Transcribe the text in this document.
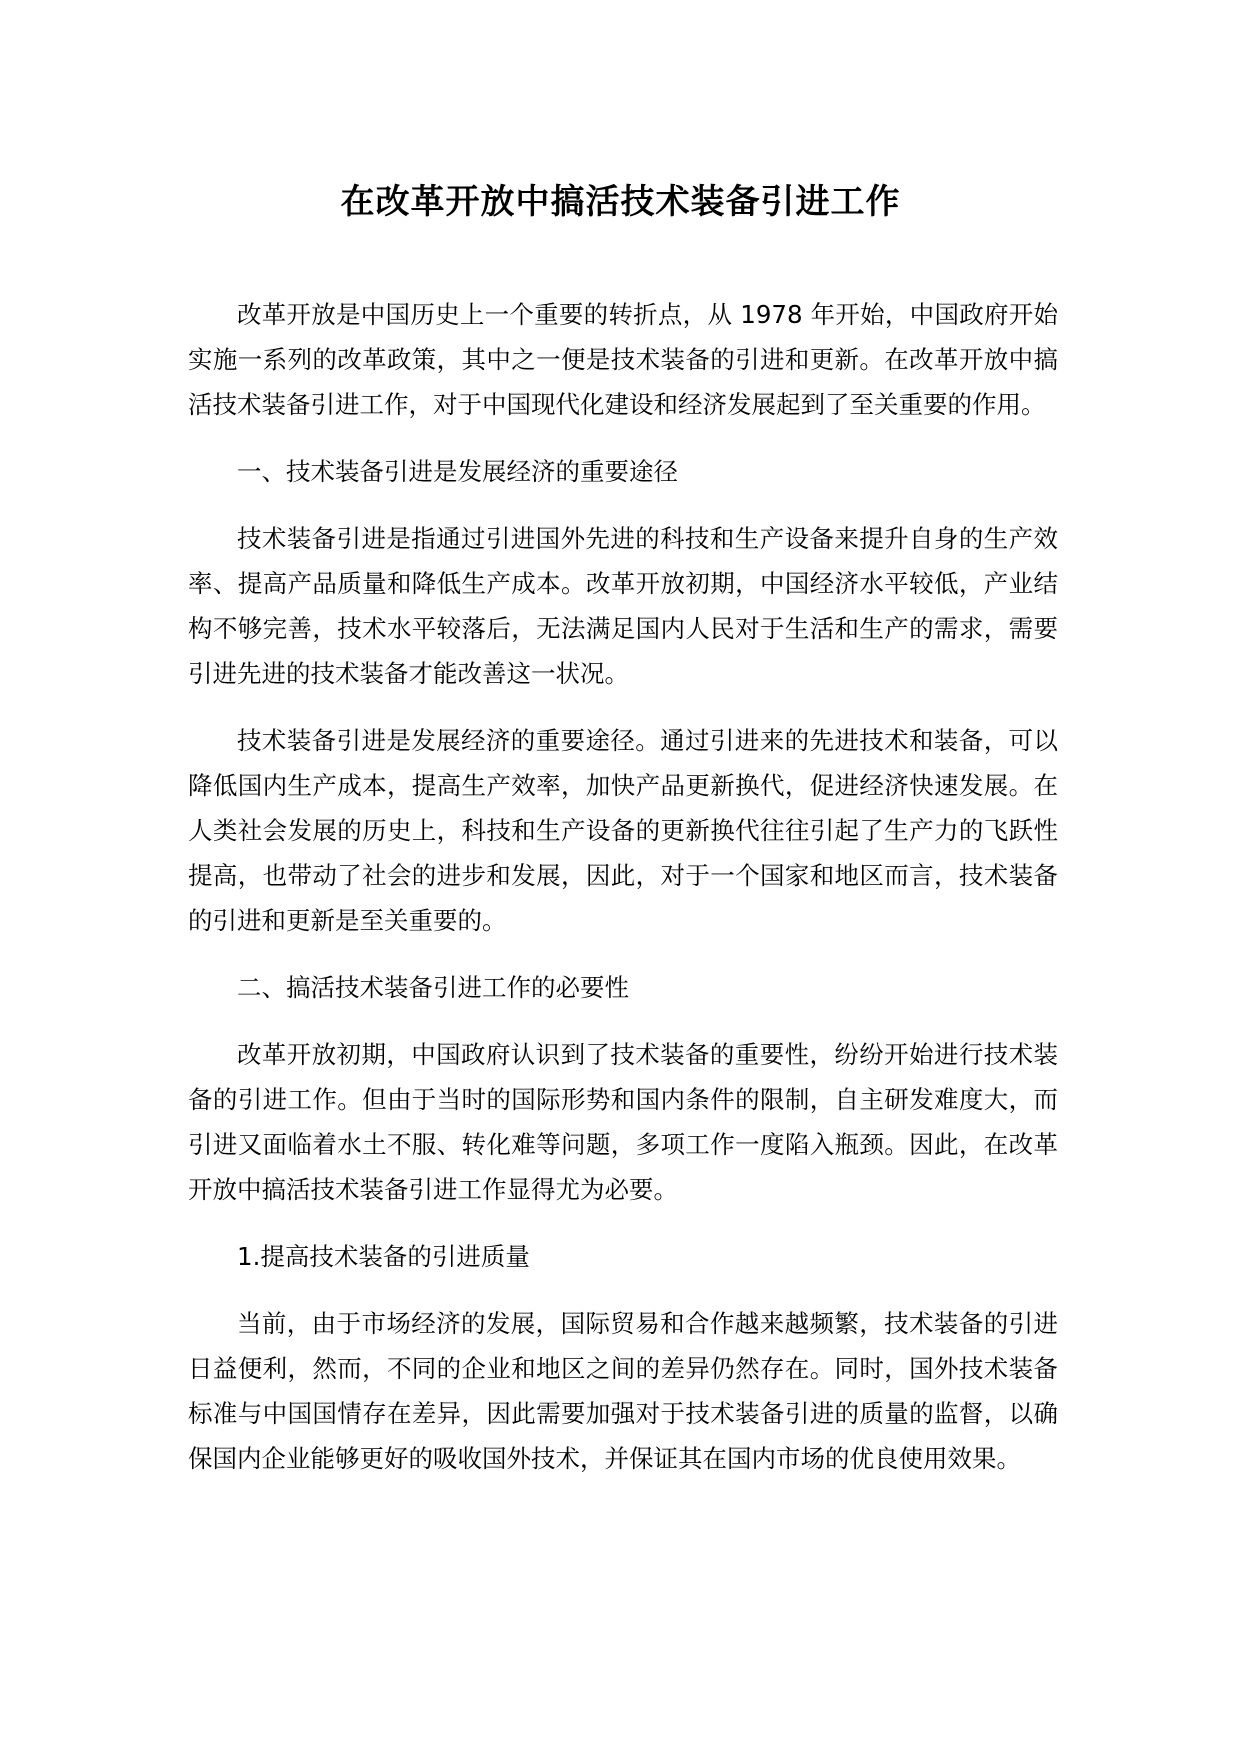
在改革开放中搞活技术装备引进工作

改革开放是中国历史上一个重要的转折点，从 1978 年开始，中国政府开始实施一系列的改革政策，其中之一便是技术装备的引进和更新。在改革开放中搞活技术装备引进工作，对于中国现代化建设和经济发展起到了至关重要的作用。

一、技术装备引进是发展经济的重要途径

技术装备引进是指通过引进国外先进的科技和生产设备来提升自身的生产效率、提高产品质量和降低生产成本。改革开放初期，中国经济水平较低，产业结构不够完善，技术水平较落后，无法满足国内人民对于生活和生产的需求，需要引进先进的技术装备才能改善这一状况。

技术装备引进是发展经济的重要途径。通过引进来的先进技术和装备，可以降低国内生产成本，提高生产效率，加快产品更新换代，促进经济快速发展。在人类社会发展的历史上，科技和生产设备的更新换代往往引起了生产力的飞跃性提高，也带动了社会的进步和发展，因此，对于一个国家和地区而言，技术装备的引进和更新是至关重要的。

二、搞活技术装备引进工作的必要性

改革开放初期，中国政府认识到了技术装备的重要性，纷纷开始进行技术装备的引进工作。但由于当时的国际形势和国内条件的限制，自主研发难度大，而引进又面临着水土不服、转化难等问题，多项工作一度陷入瓶颈。因此，在改革开放中搞活技术装备引进工作显得尤为必要。

1.提高技术装备的引进质量

当前，由于市场经济的发展，国际贸易和合作越来越频繁，技术装备的引进日益便利，然而，不同的企业和地区之间的差异仍然存在。同时，国外技术装备标准与中国国情存在差异，因此需要加强对于技术装备引进的质量的监督，以确保国内企业能够更好的吸收国外技术，并保证其在国内市场的优良使用效果。
